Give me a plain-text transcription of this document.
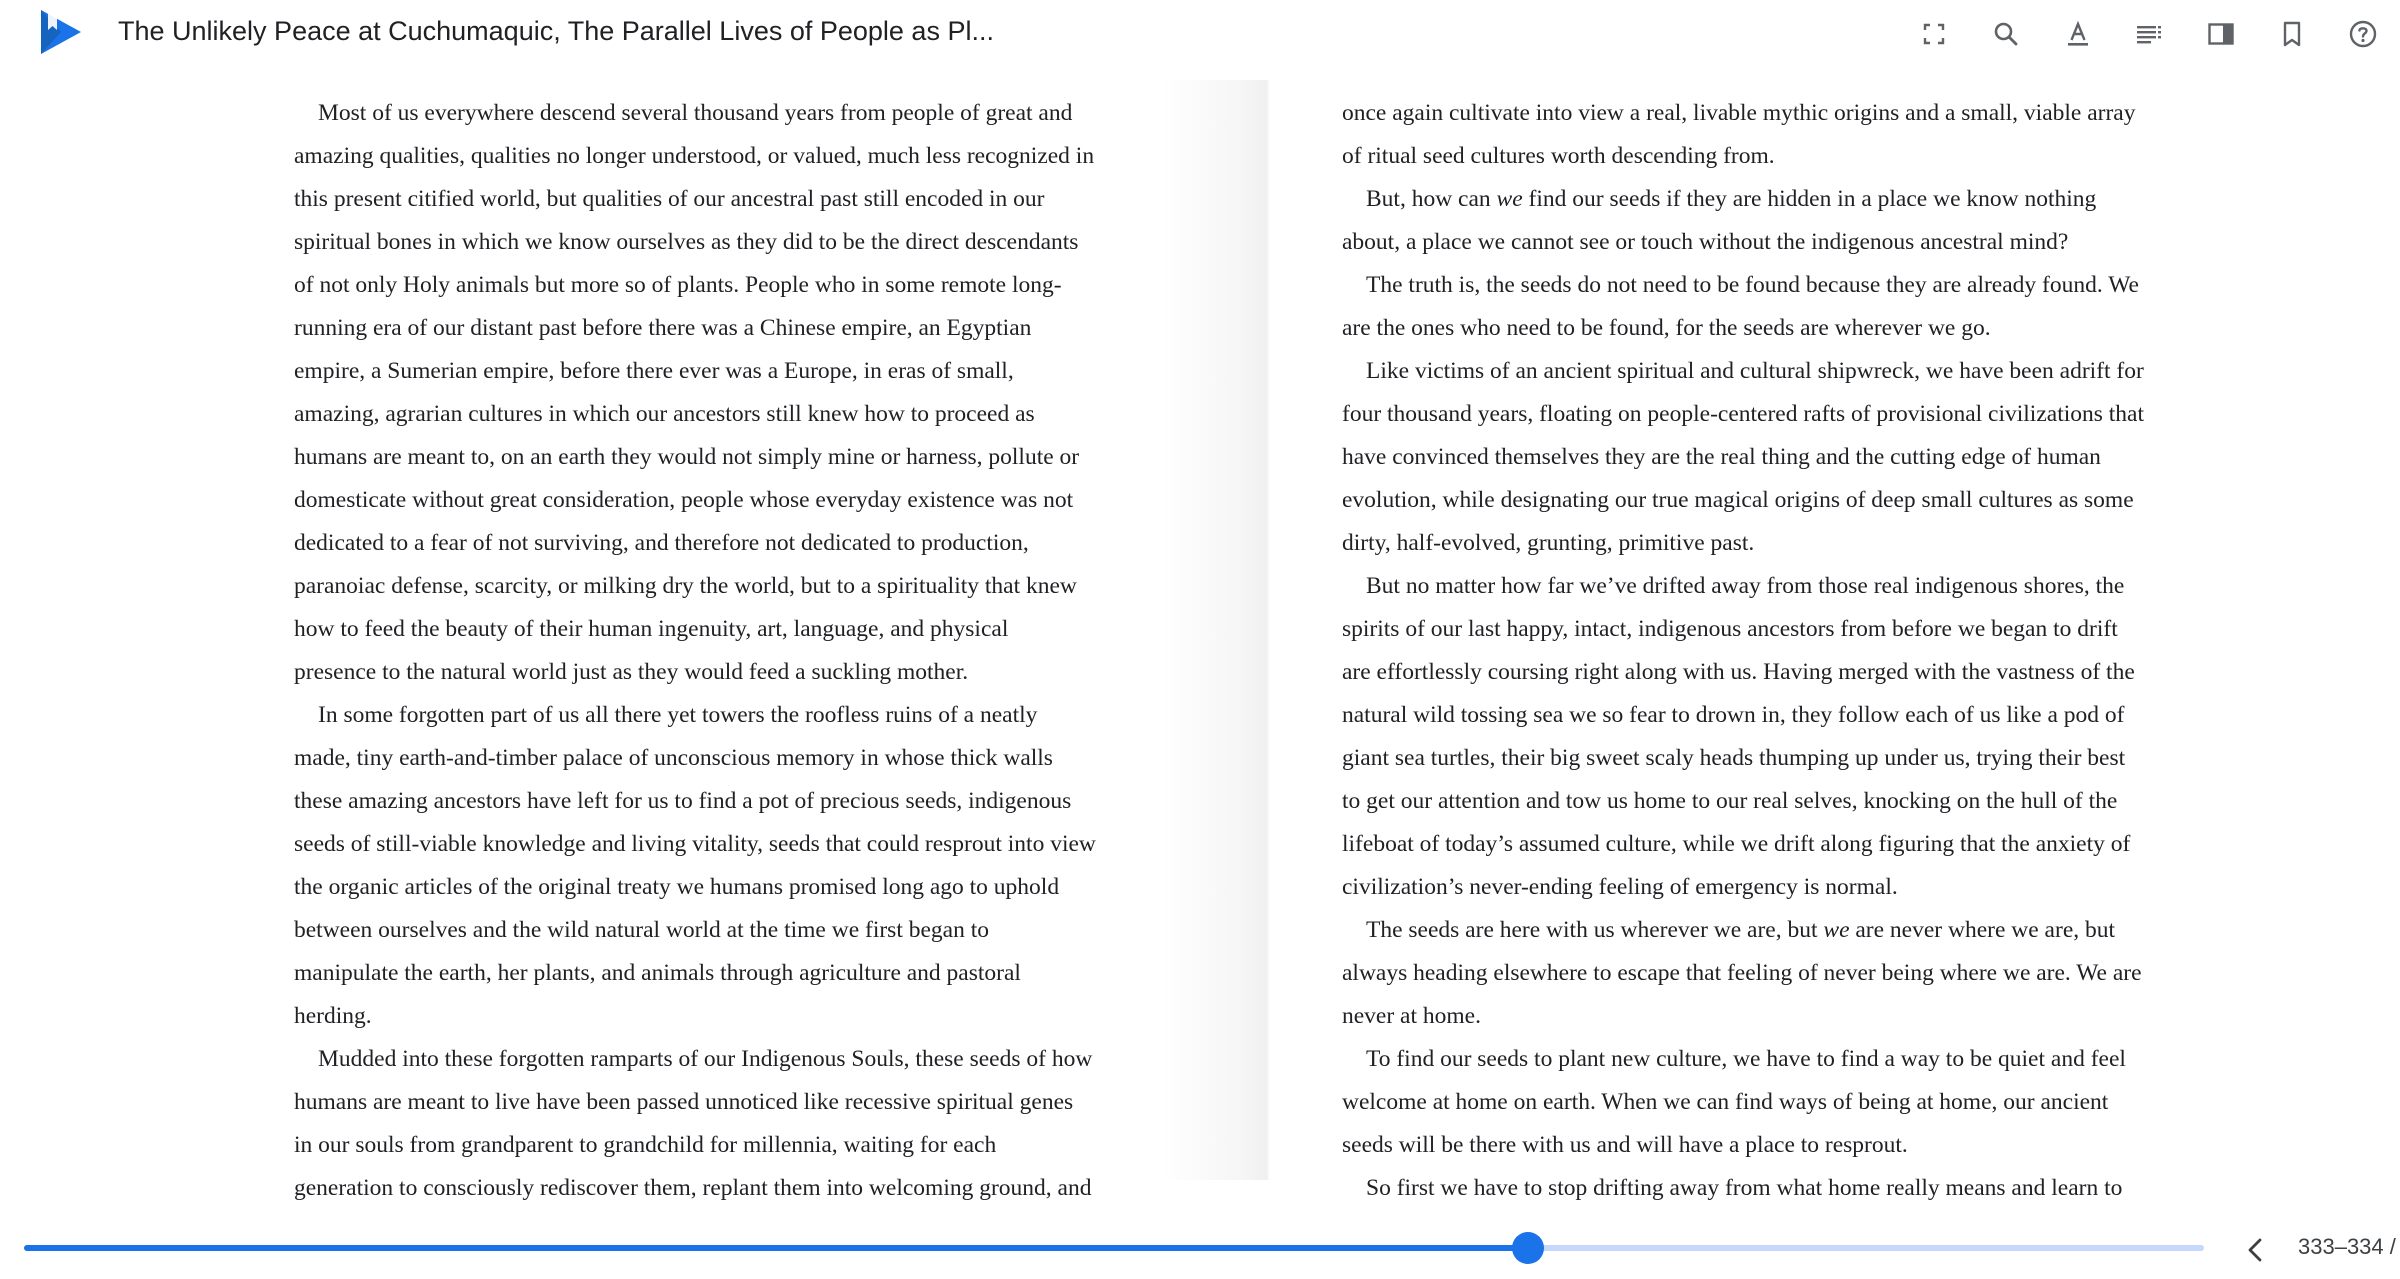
The Unlikely Peace at Cuchumaquic, The Parallel Lives of People as Pl...

Most of us everywhere descend several thousand years from people of great and
amazing qualities, qualities no longer understood, or valued, much less recognized in
this present citified world, but qualities of our ancestral past still encoded in our
spiritual bones in which we know ourselves as they did to be the direct descendants
of not only Holy animals but more so of plants. People who in some remote long-
running era of our distant past before there was a Chinese empire, an Egyptian
empire, a Sumerian empire, before there ever was a Europe, in eras of small,
amazing, agrarian cultures in which our ancestors still knew how to proceed as
humans are meant to, on an earth they would not simply mine or harness, pollute or
domesticate without great consideration, people whose everyday existence was not
dedicated to a fear of not surviving, and therefore not dedicated to production,
paranoiac defense, scarcity, or milking dry the world, but to a spirituality that knew
how to feed the beauty of their human ingenuity, art, language, and physical
presence to the natural world just as they would feed a suckling mother.

In some forgotten part of us all there yet towers the roofless ruins of a neatly
made, tiny earth-and-timber palace of unconscious memory in whose thick walls
these amazing ancestors have left for us to find a pot of precious seeds, indigenous
seeds of still-viable knowledge and living vitality, seeds that could resprout into view
the organic articles of the original treaty we humans promised long ago to uphold
between ourselves and the wild natural world at the time we first began to
manipulate the earth, her plants, and animals through agriculture and pastoral
herding.

Mudded into these forgotten ramparts of our Indigenous Souls, these seeds of how
humans are meant to live have been passed unnoticed like recessive spiritual genes
in our souls from grandparent to grandchild for millennia, waiting for each
generation to consciously rediscover them, replant them into welcoming ground, and

once again cultivate into view a real, livable mythic origins and a small, viable array
of ritual seed cultures worth descending from.

But, how can we find our seeds if they are hidden in a place we know nothing
about, a place we cannot see or touch without the indigenous ancestral mind?

The truth is, the seeds do not need to be found because they are already found. We
are the ones who need to be found, for the seeds are wherever we go.

Like victims of an ancient spiritual and cultural shipwreck, we have been adrift for
four thousand years, floating on people-centered rafts of provisional civilizations that
have convinced themselves they are the real thing and the cutting edge of human
evolution, while designating our true magical origins of deep small cultures as some
dirty, half-evolved, grunting, primitive past.

But no matter how far we’ve drifted away from those real indigenous shores, the
spirits of our last happy, intact, indigenous ancestors from before we began to drift
are effortlessly coursing right along with us. Having merged with the vastness of the
natural wild tossing sea we so fear to drown in, they follow each of us like a pod of
giant sea turtles, their big sweet scaly heads thumping up under us, trying their best
to get our attention and tow us home to our real selves, knocking on the hull of the
lifeboat of today’s assumed culture, while we drift along figuring that the anxiety of
civilization’s never-ending feeling of emergency is normal.

The seeds are here with us wherever we are, but we are never where we are, but
always heading elsewhere to escape that feeling of never being where we are. We are
never at home.

To find our seeds to plant new culture, we have to find a way to be quiet and feel
welcome at home on earth. When we can find ways of being at home, our ancient
seeds will be there with us and will have a place to resprout.

So first we have to stop drifting away from what home really means and learn to

333–334 /
